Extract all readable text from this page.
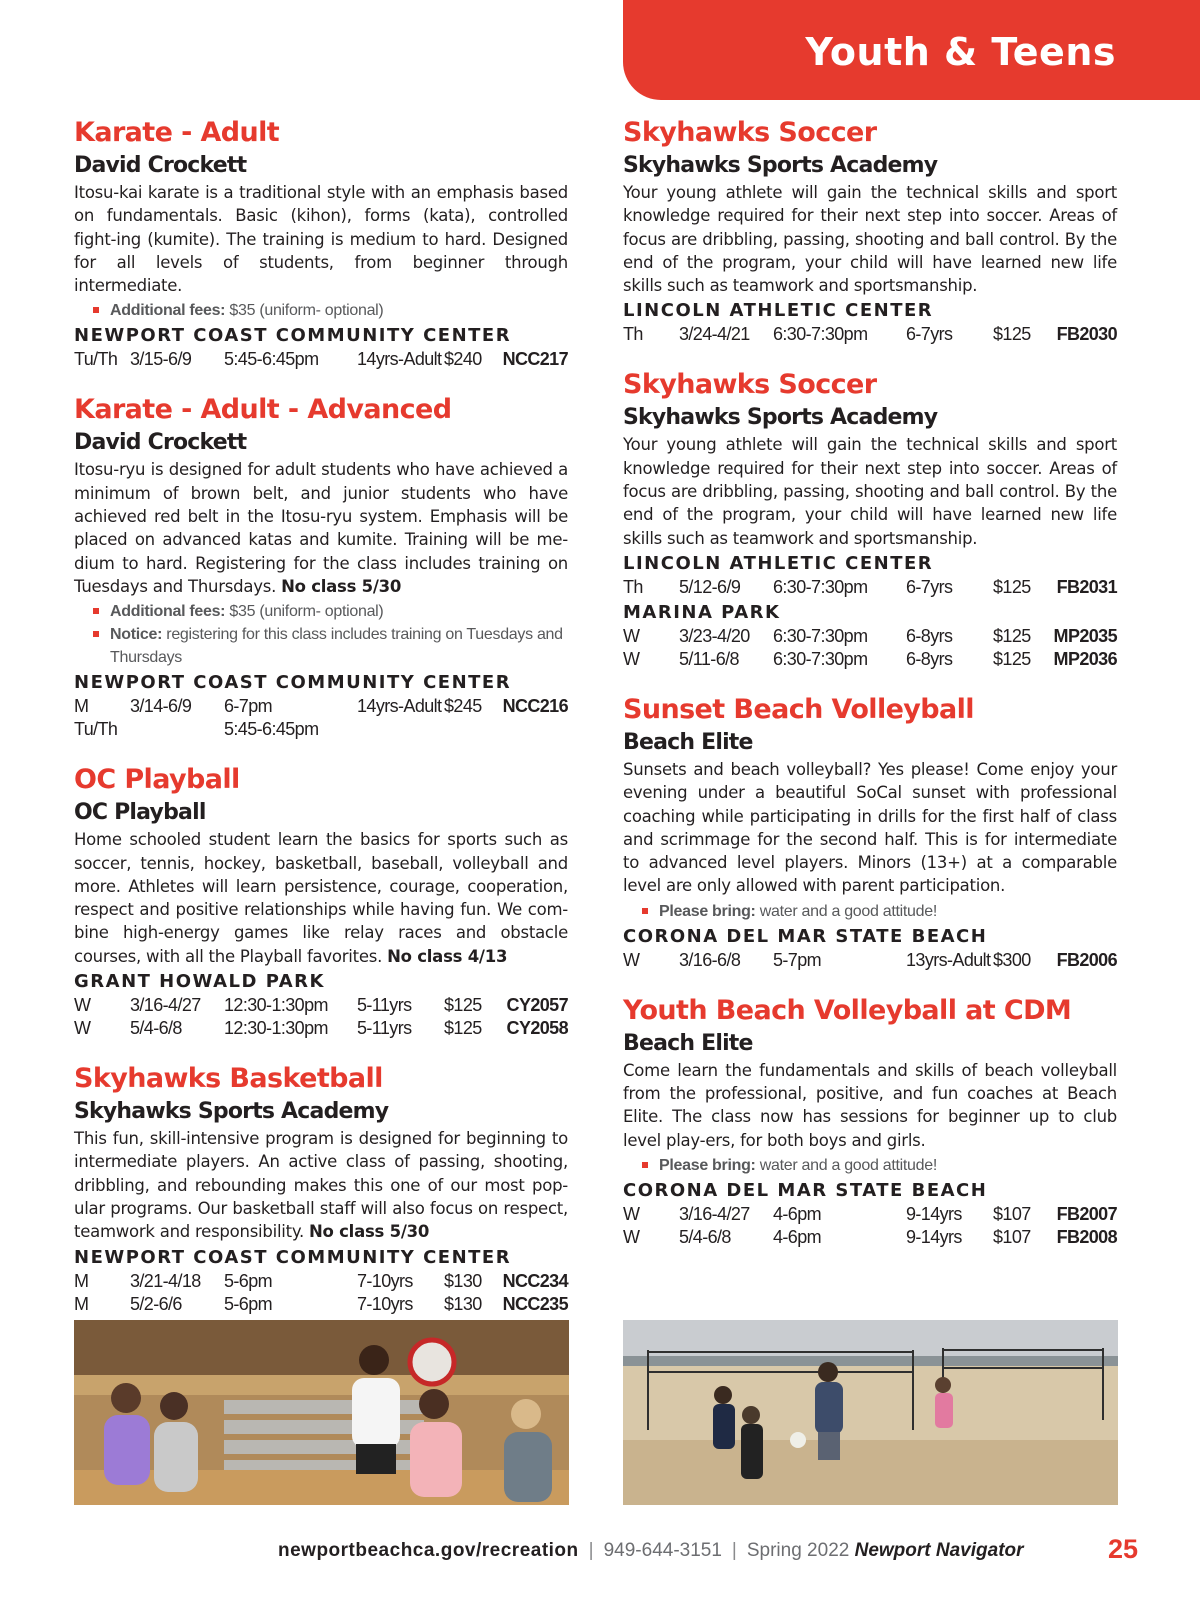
Youth & Teens
Karate - Adult
David Crockett

Itosu-kai karate is a traditional style with an emphasis based on fundamentals. Basic (kihon), forms (kata), controlled fight-ing (kumite). The training is medium to hard. Designed for all levels of students, from beginner through intermediate.

Additional fees: $35 (uniform- optional)
NEWPORT COAST COMMUNITY CENTER
Tu/Th 3/15-6/9 5:45-6:45pm 14yrs-Adult $240 NCC217
Karate - Adult - Advanced
David Crockett

Itosu-ryu is designed for adult students who have achieved a minimum of brown belt, and junior students who have achieved red belt in the Itosu-ryu system. Emphasis will be placed on advanced katas and kumite. Training will be me-dium to hard. Registering for the class includes training on Tuesdays and Thursdays. No class 5/30

Additional fees: $35 (uniform- optional)
Notice: registering for this class includes training on Tuesdays and Thursdays
NEWPORT COAST COMMUNITY CENTER
M 3/14-6/9 6-7pm	14yrs-Adult $245 NCC216
Tu/Th	5:45-6:45pm
OC Playball
OC Playball

Home schooled student learn the basics for sports such as soccer, tennis, hockey, basketball, baseball, volleyball and more. Athletes will learn persistence, courage, cooperation, respect and positive relationships while having fun. We com-bine high-energy games like relay races and obstacle courses, with all the Playball favorites. No class 4/13

GRANT HOWALD PARK
W 3/16-4/27 12:30-1:30pm 5-11yrs $125 CY2057
W 5/4-6/8 12:30-1:30pm 5-11yrs $125 CY2058
Skyhawks Basketball
Skyhawks Sports Academy

This fun, skill-intensive program is designed for beginning to intermediate players. An active class of passing, shooting, dribbling, and rebounding makes this one of our most pop-ular programs. Our basketball staff will also focus on respect, teamwork and responsibility. No class 5/30

NEWPORT COAST COMMUNITY CENTER
M 3/21-4/18 5-6pm	7-10yrs $130 NCC234
M 5/2-6/6 5-6pm	7-10yrs $130 NCC235
Skyhawks Soccer
Skyhawks Sports Academy

Your young athlete will gain the technical skills and sport knowledge required for their next step into soccer. Areas of focus are dribbling, passing, shooting and ball control. By the end of the program, your child will have learned new life skills such as teamwork and sportsmanship.

LINCOLN ATHLETIC CENTER
Th 3/24-4/21 6:30-7:30pm 6-7yrs $125 FB2030
Skyhawks Soccer
Skyhawks Sports Academy

Your young athlete will gain the technical skills and sport knowledge required for their next step into soccer. Areas of focus are dribbling, passing, shooting and ball control. By the end of the program, your child will have learned new life skills such as teamwork and sportsmanship.

LINCOLN ATHLETIC CENTER
Th 5/12-6/9 6:30-7:30pm 6-7yrs $125 FB2031
MARINA PARK
W 3/23-4/20 6:30-7:30pm 6-8yrs $125 MP2035
W 5/11-6/8 6:30-7:30pm 6-8yrs $125 MP2036
Sunset Beach Volleyball
Beach Elite

Sunsets and beach volleyball? Yes please! Come enjoy your evening under a beautiful SoCal sunset with professional coaching while participating in drills for the first half of class and scrimmage for the second half. This is for intermediate to advanced level players. Minors (13+) at a comparable level are only allowed with parent participation.

Please bring: water and a good attitude!
CORONA DEL MAR STATE BEACH
W 3/16-6/8 5-7pm	13yrs-Adult $300 FB2006
Youth Beach Volleyball at CDM
Beach Elite

Come learn the fundamentals and skills of beach volleyball from the professional, positive, and fun coaches at Beach Elite. The class now has sessions for beginner up to club level play-ers, for both boys and girls.

Please bring: water and a good attitude!
CORONA DEL MAR STATE BEACH
W 3/16-4/27 4-6pm	9-14yrs $107 FB2007
W 5/4-6/8 4-6pm	9-14yrs $107 FB2008
newportbeachca.gov/recreation | 949-644-3151 | Spring 2022 Newport Navigator	25
